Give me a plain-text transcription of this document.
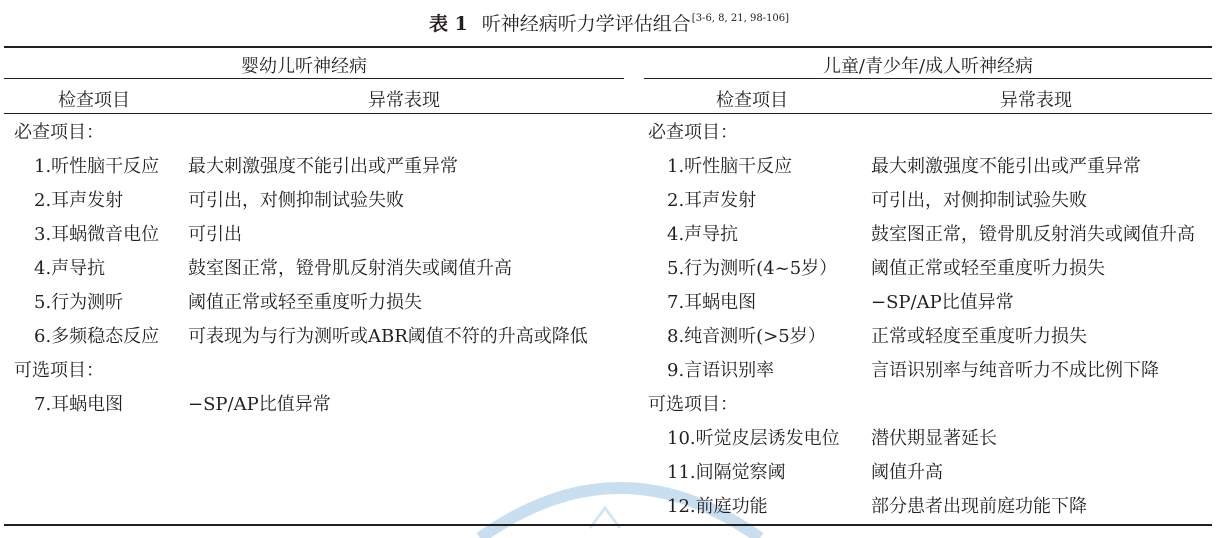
表 1 听神经病听力学评估组合[3-6, 8, 21, 98-106]
婴幼儿听神经病	儿童/青少年/成人听神经病
检查项目	异常表现	检查项目	异常表现
必查项目：
1.听性脑干反应 最大刺激强度不能引出或严重异常
2.耳声发射	可引出，对侧抑制试验失败
3.耳蜗微音电位 可引出
4.声导抗	鼓室图正常，镫骨肌反射消失或阈值升高
5.行为测听	阈值正常或轻至重度听力损失
6.多频稳态反应 可表现为与行为测听或ABR阈值不符的升高或降低
可选项目：
7.耳蜗电图	−SP/AP比值异常
必查项目：
1.听性脑干反应	最大刺激强度不能引出或严重异常
2.耳声发射	可引出，对侧抑制试验失败
4.声导抗	鼓室图正常，镫骨肌反射消失或阈值升高
5.行为测听(4~5岁） 阈值正常或轻至重度听力损失
7.耳蜗电图	−SP/AP比值异常
8.纯音测听(>5岁）	正常或轻度至重度听力损失
9.言语识别率	言语识别率与纯音听力不成比例下降
可选项目：
10.听觉皮层诱发电位 潜伏期显著延长
11.间隔觉察阈	阈值升高
12.前庭功能	部分患者出现前庭功能下降
